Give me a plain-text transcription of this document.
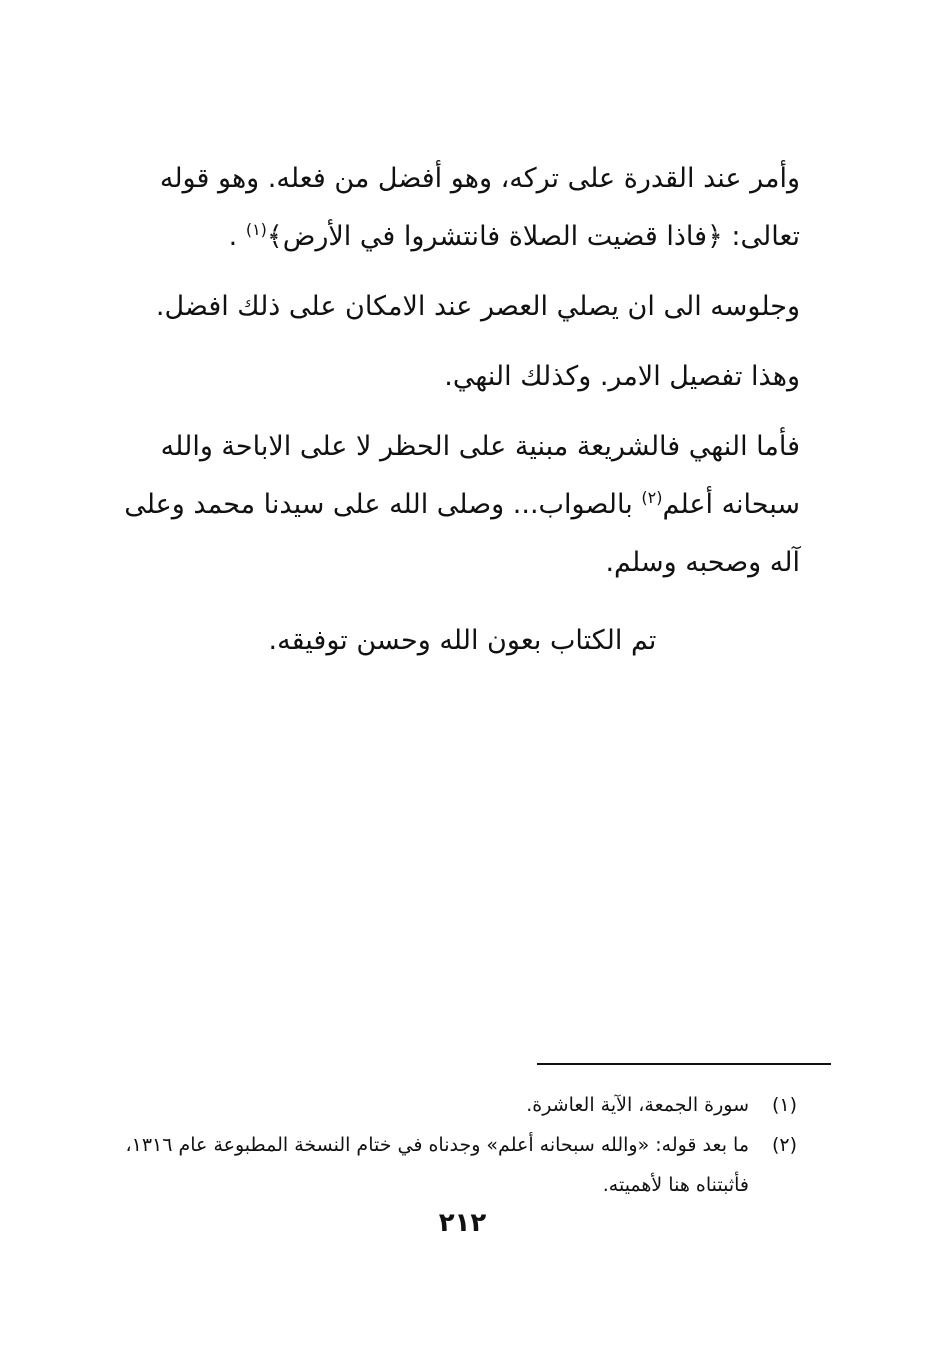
وأمر عند القدرة على تركه، وهو أفضل من فعله. وهو قوله تعالى: ﴿فاذا قضيت الصلاة فانتشروا في الأرض﴾$^{(١)}$ .

وجلوسه الى ان يصلي العصر عند الامكان على ذلك افضل.

وهذا تفصيل الامر. وكذلك النهي.

فأما النهي فالشريعة مبنية على الحظر لا على الاباحة والله سبحانه أعلم$^{(٢)}$ بالصواب... وصلى الله على سيدنا محمد وعلى آله وصحبه وسلم.

تم الكتاب بعون الله وحسن توفيقه.

(١)
سورة الجمعة، الآية العاشرة.

(٢)
ما بعد قوله: «والله سبحانه أعلم» وجدناه في ختام النسخة المطبوعة عام ١٣١٦، فأثبتناه هنا لأهميته.

٢١٢
